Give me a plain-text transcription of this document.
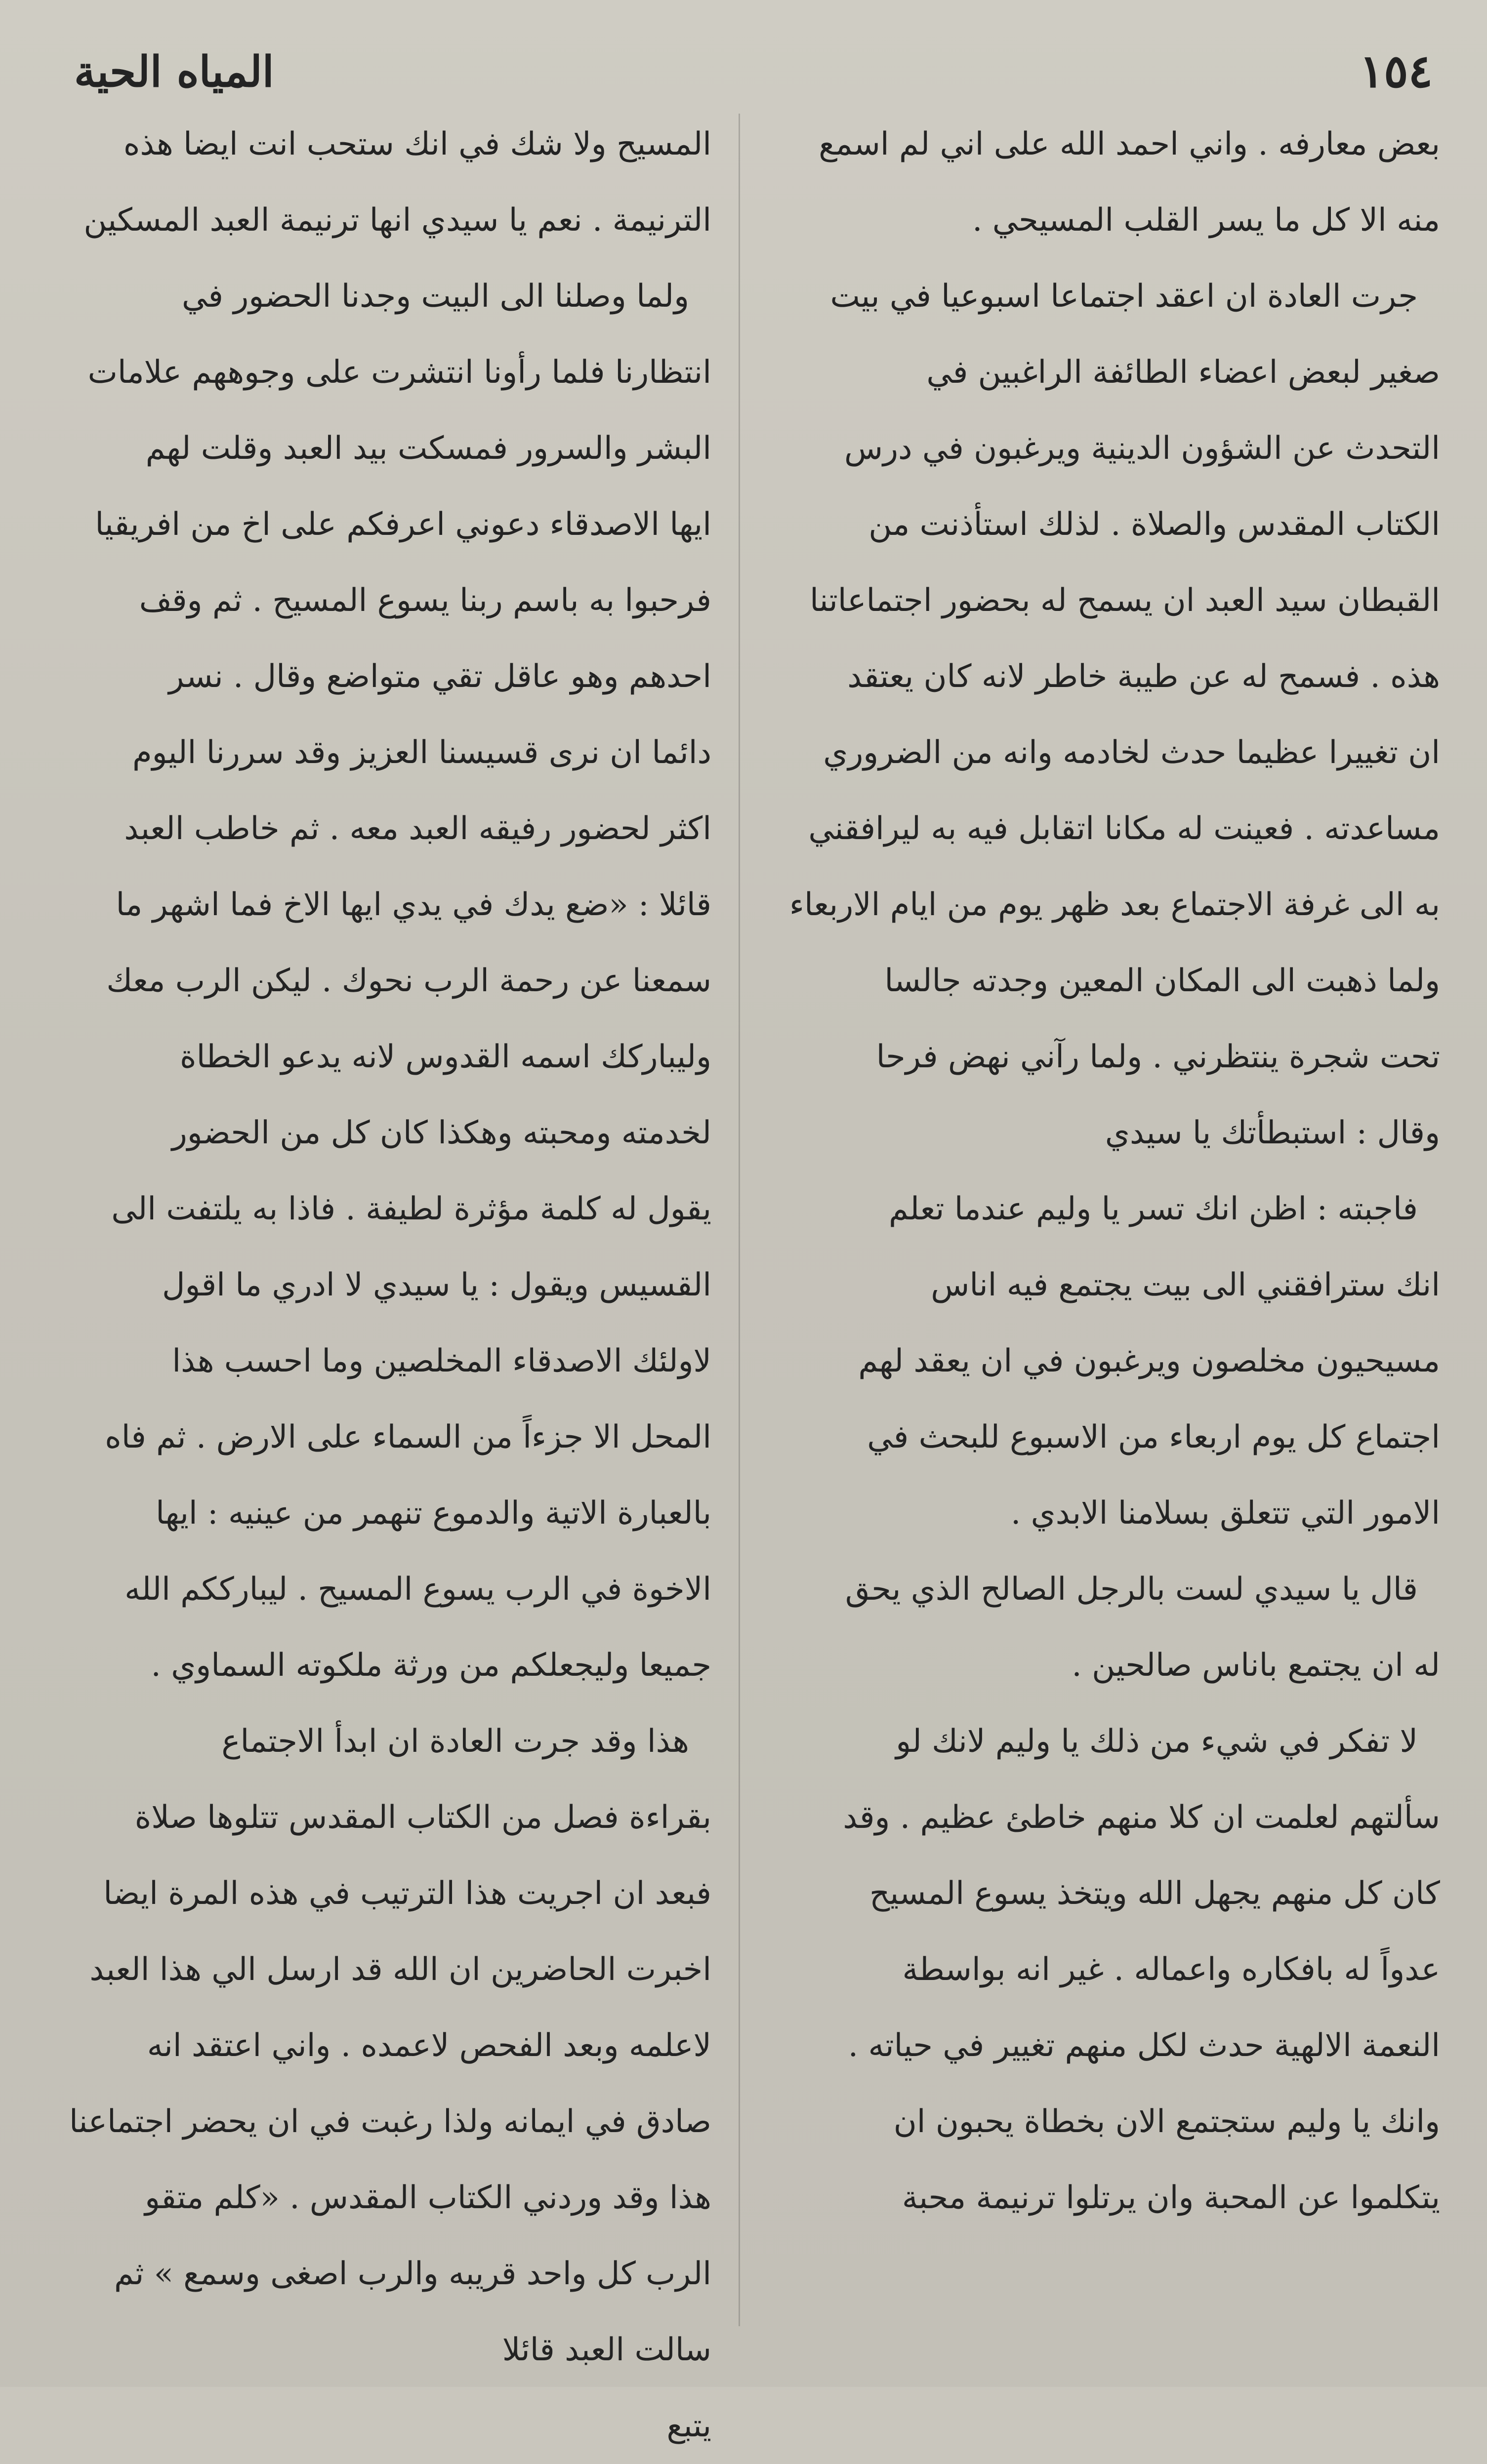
١٥٤
المياه الحية
بعض معارفه . واني احمد الله على اني لم اسمع
منه الا كل ما يسر القلب المسيحي .
جرت العادة ان اعقد اجتماعا اسبوعيا في بيت
صغير لبعض اعضاء الطائفة الراغبين في
التحدث عن الشؤون الدينية ويرغبون في درس
الكتاب المقدس والصلاة . لذلك استأذنت من
القبطان سيد العبد ان يسمح له بحضور اجتماعاتنا
هذه . فسمح له عن طيبة خاطر لانه كان يعتقد
ان تغييرا عظيما حدث لخادمه وانه من الضروري
مساعدته . فعينت له مكانا اتقابل فيه به ليرافقني
به الى غرفة الاجتماع بعد ظهر يوم من ايام الاربعاء
ولما ذهبت الى المكان المعين وجدته جالسا
تحت شجرة ينتظرني . ولما رآني نهض فرحا
وقال : استبطأتك يا سيدي
فاجبته : اظن انك تسر يا وليم عندما تعلم
انك سترافقني الى بيت يجتمع فيه اناس
مسيحيون مخلصون ويرغبون في ان يعقد لهم
اجتماع كل يوم اربعاء من الاسبوع للبحث في
الامور التي تتعلق بسلامنا الابدي .
قال يا سيدي لست بالرجل الصالح الذي يحق
له ان يجتمع باناس صالحين .
لا تفكر في شيء من ذلك يا وليم لانك لو
سألتهم لعلمت ان كلا منهم خاطئ عظيم . وقد
كان كل منهم يجهل الله ويتخذ يسوع المسيح
عدواً له بافكاره واعماله . غير انه بواسطة
النعمة الالهية حدث لكل منهم تغيير في حياته .
وانك يا وليم ستجتمع الان بخطاة يحبون ان
يتكلموا عن المحبة وان يرتلوا ترنيمة محبة
المسيح ولا شك في انك ستحب انت ايضا هذه
الترنيمة . نعم يا سيدي انها ترنيمة العبد المسكين
ولما وصلنا الى البيت وجدنا الحضور في
انتظارنا فلما رأونا انتشرت على وجوههم علامات
البشر والسرور فمسكت بيد العبد وقلت لهم
ايها الاصدقاء دعوني اعرفكم على اخ من افريقيا
فرحبوا به باسم ربنا يسوع المسيح . ثم وقف
احدهم وهو عاقل تقي متواضع وقال . نسر
دائما ان نرى قسيسنا العزيز وقد سررنا اليوم
اكثر لحضور رفيقه العبد معه . ثم خاطب العبد
قائلا : «ضع يدك في يدي ايها الاخ فما اشهر ما
سمعنا عن رحمة الرب نحوك . ليكن الرب معك
وليباركك اسمه القدوس لانه يدعو الخطاة
لخدمته ومحبته وهكذا كان كل من الحضور
يقول له كلمة مؤثرة لطيفة . فاذا به يلتفت الى
القسيس ويقول : يا سيدي لا ادري ما اقول
لاولئك الاصدقاء المخلصين وما احسب هذا
المحل الا جزءاً من السماء على الارض . ثم فاه
بالعبارة الاتية والدموع تنهمر من عينيه : ايها
الاخوة في الرب يسوع المسيح . ليبارككم الله
جميعا وليجعلكم من ورثة ملكوته السماوي .
هذا وقد جرت العادة ان ابدأ الاجتماع
بقراءة فصل من الكتاب المقدس تتلوها صلاة
فبعد ان اجريت هذا الترتيب في هذه المرة ايضا
اخبرت الحاضرين ان الله قد ارسل الي هذا العبد
لاعلمه وبعد الفحص لاعمده . واني اعتقد انه
صادق في ايمانه ولذا رغبت في ان يحضر اجتماعنا
هذا وقد وردني الكتاب المقدس . «كلم متقو
الرب كل واحد قريبه والرب اصغى وسمع » ثم
سالت العبد قائلا
يتبع
